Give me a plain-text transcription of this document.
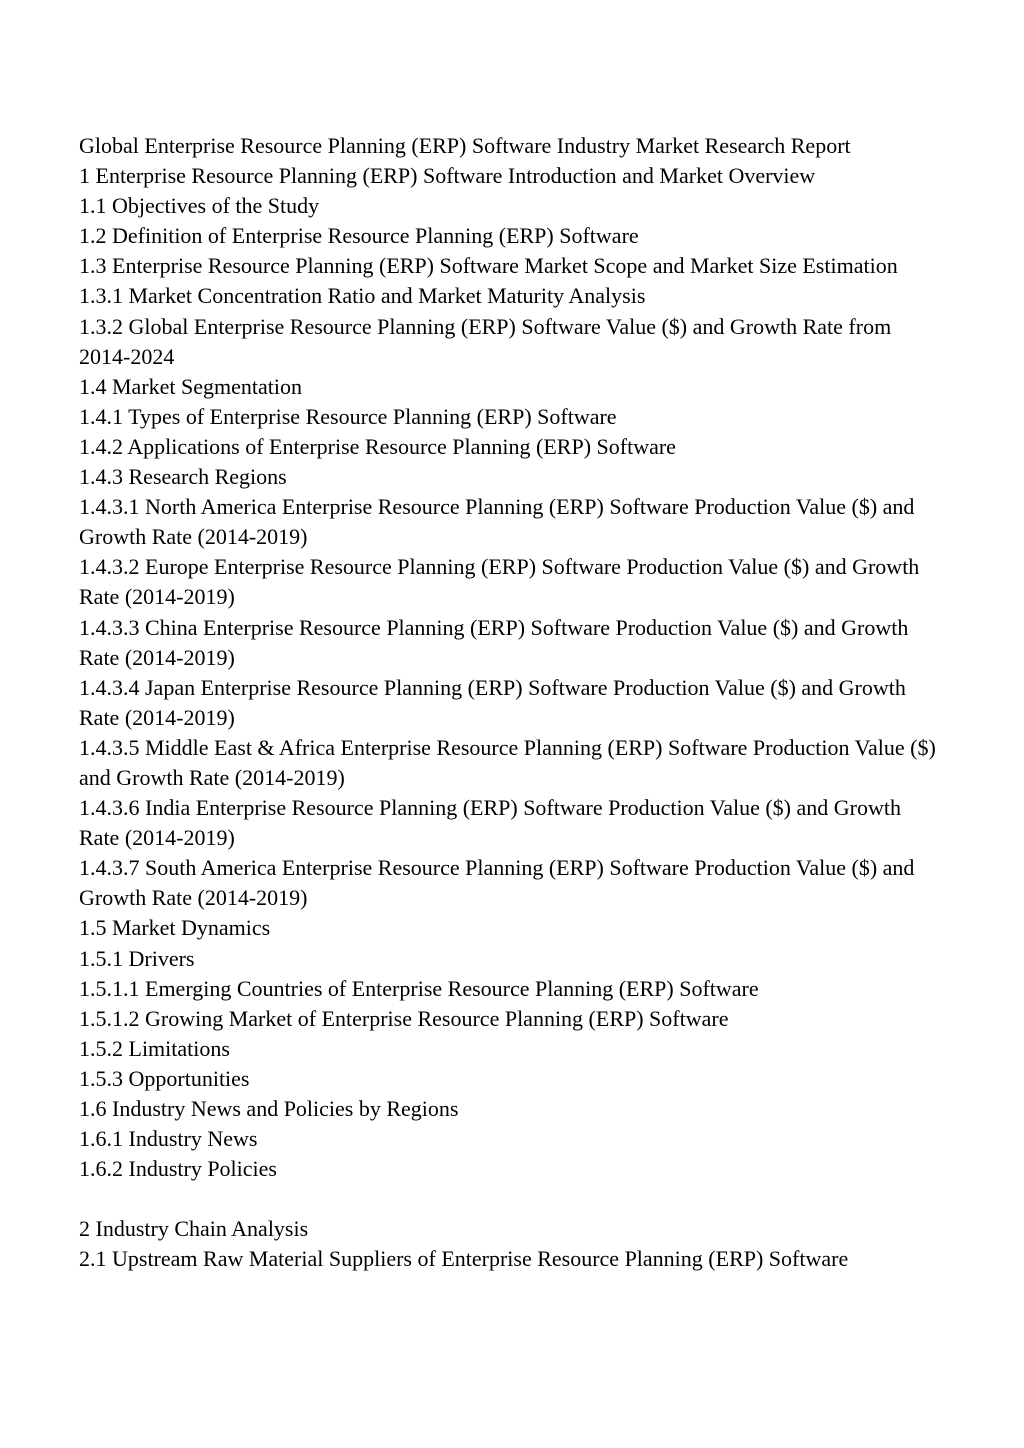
Global Enterprise Resource Planning (ERP) Software Industry Market Research Report

1 Enterprise Resource Planning (ERP) Software Introduction and Market Overview

1.1 Objectives of the Study

1.2 Definition of Enterprise Resource Planning (ERP) Software

1.3 Enterprise Resource Planning (ERP) Software Market Scope and Market Size Estimation

1.3.1 Market Concentration Ratio and Market Maturity Analysis

1.3.2 Global Enterprise Resource Planning (ERP) Software Value ($) and Growth Rate from 2014-2024

1.4 Market Segmentation

1.4.1 Types of Enterprise Resource Planning (ERP) Software

1.4.2 Applications of Enterprise Resource Planning (ERP) Software

1.4.3 Research Regions

1.4.3.1 North America Enterprise Resource Planning (ERP) Software Production Value ($) and Growth Rate (2014-2019)

1.4.3.2 Europe Enterprise Resource Planning (ERP) Software Production Value ($) and Growth Rate (2014-2019)

1.4.3.3 China Enterprise Resource Planning (ERP) Software Production Value ($) and Growth Rate (2014-2019)

1.4.3.4 Japan Enterprise Resource Planning (ERP) Software Production Value ($) and Growth Rate (2014-2019)

1.4.3.5 Middle East & Africa Enterprise Resource Planning (ERP) Software Production Value ($) and Growth Rate (2014-2019)

1.4.3.6 India Enterprise Resource Planning (ERP) Software Production Value ($) and Growth Rate (2014-2019)

1.4.3.7 South America Enterprise Resource Planning (ERP) Software Production Value ($) and Growth Rate (2014-2019)

1.5 Market Dynamics

1.5.1 Drivers

1.5.1.1 Emerging Countries of Enterprise Resource Planning (ERP) Software

1.5.1.2 Growing Market of Enterprise Resource Planning (ERP) Software

1.5.2 Limitations

1.5.3 Opportunities

1.6 Industry News and Policies by Regions

1.6.1 Industry News

1.6.2 Industry Policies

2 Industry Chain Analysis

2.1 Upstream Raw Material Suppliers of Enterprise Resource Planning (ERP) Software
